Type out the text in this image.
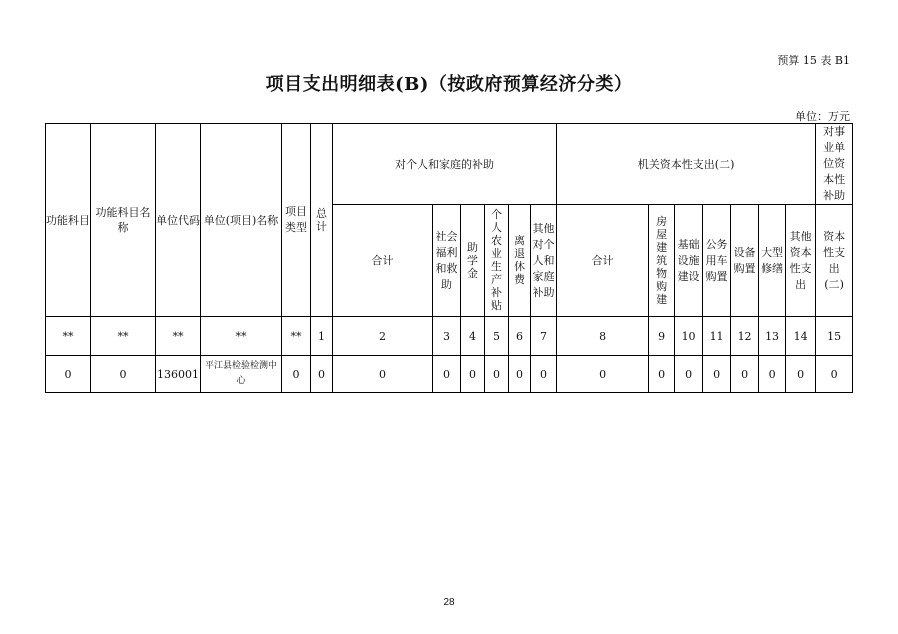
预算 15 表 B1
项目支出明细表(B)（按政府预算经济分类）
单位：万元
功能科目	功能科目名称	单位代码	单位(项目)名称	项目类型	总计	对个人和家庭的补助						机关资本性支出(二)							对事业单位资本性补助
						合计	社会福利和救助	助学金	个人农业生产补贴	离退休费	其他对个人和家庭补助	合计	房屋建筑物购建	基础设施建设	公务用车购置	设备购置	大型修缮	其他资本性支出	资本性支出(二)
**	**	**	**	**	1	2	3	4	5	6	7	8	9	10	11	12	13	14	15
0	0	136001	平江县检验检测中心	0	0	0	0	0	0	0	0	0	0	0	0	0	0	0	0
28
